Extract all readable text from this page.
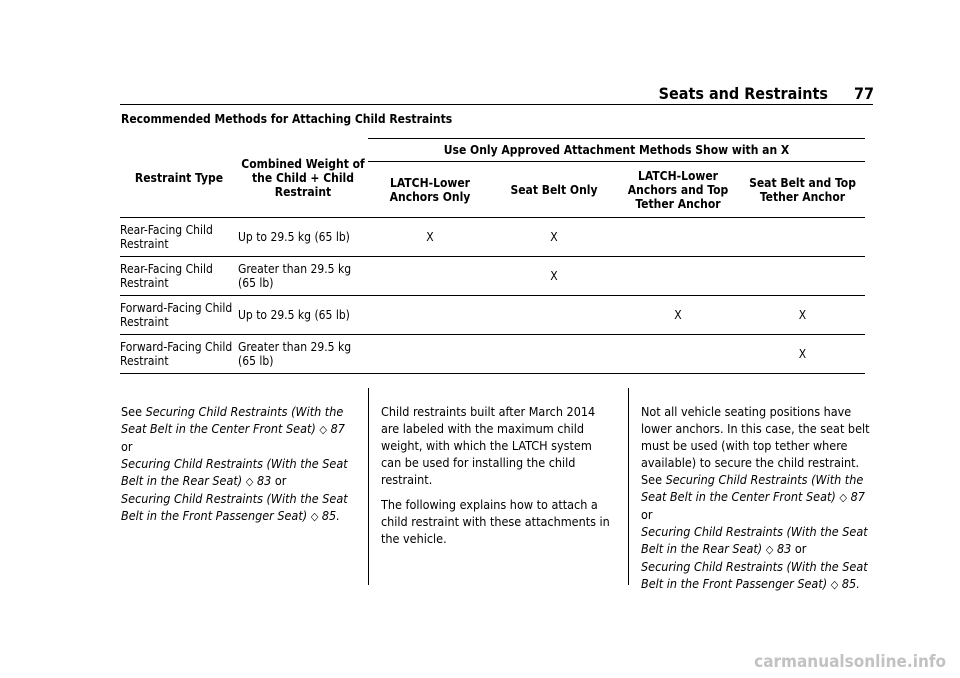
Seats and Restraints 77
Recommended Methods for Attaching Child Restraints
Restraint Type	Combined Weight of the Child + Child Restraint	Use Only Approved Attachment Methods Show with an X			
		LATCH-Lower Anchors Only	Seat Belt Only	LATCH-Lower Anchors and Top Tether Anchor	Seat Belt and Top Tether Anchor
Rear-Facing Child Restraint	Up to 29.5 kg (65 lb)	X	X		
Rear-Facing Child Restraint	Greater than 29.5 kg (65 lb)		X		
Forward-Facing Child Restraint	Up to 29.5 kg (65 lb)			X	X
Forward-Facing Child Restraint	Greater than 29.5 kg (65 lb)				X

See Securing Child Restraints (With the Seat Belt in the Center Front Seat) ◇ 87 or
Securing Child Restraints (With the Seat Belt in the Rear Seat) ◇ 83 or
Securing Child Restraints (With the Seat Belt in the Front Passenger Seat) ◇ 85.

Child restraints built after March 2014 are labeled with the maximum child weight, with which the LATCH system can be used for installing the child restraint.

The following explains how to attach a child restraint with these attachments in the vehicle.

Not all vehicle seating positions have lower anchors. In this case, the seat belt must be used (with top tether where available) to secure the child restraint. See Securing Child Restraints (With the Seat Belt in the Center Front Seat) ◇ 87 or
Securing Child Restraints (With the Seat Belt in the Rear Seat) ◇ 83 or
Securing Child Restraints (With the Seat Belt in the Front Passenger Seat) ◇ 85.

carmanualsonline.info
